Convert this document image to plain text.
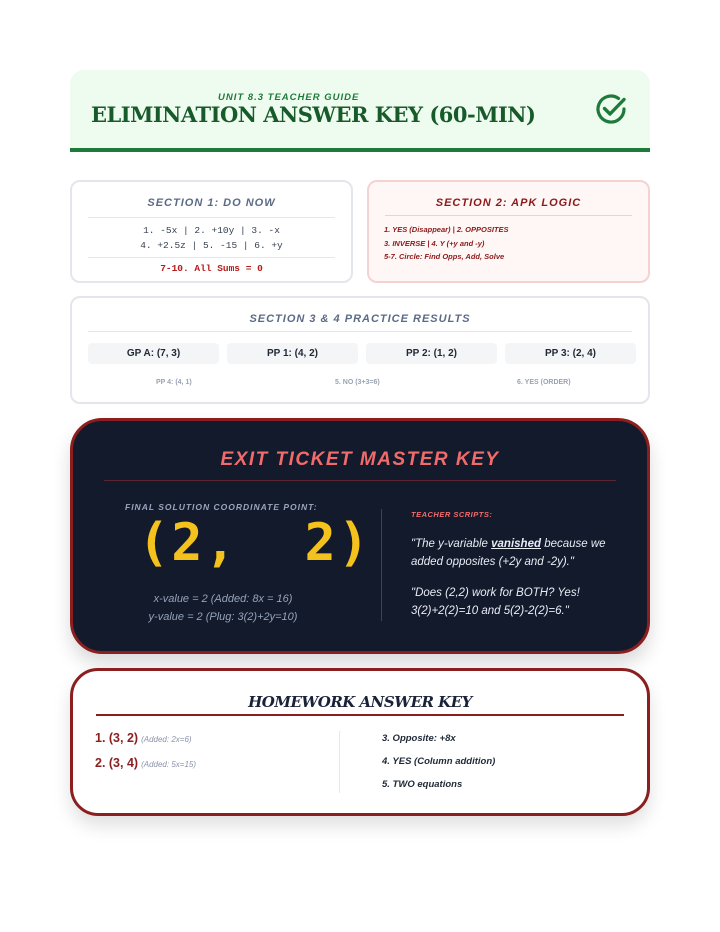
UNIT 8.3 TEACHER GUIDE
ELIMINATION ANSWER KEY (60-MIN)
SECTION 1: DO NOW
1. -5x | 2. +10y | 3. -x
4. +2.5z | 5. -15 | 6. +y
7-10. All Sums = 0
SECTION 2: APK LOGIC
1. YES (Disappear) | 2. OPPOSITES
3. INVERSE | 4. Y (+y and -y)
5-7. Circle: Find Opps, Add, Solve
SECTION 3 & 4 PRACTICE RESULTS
GP A: (7, 3)	PP 1: (4, 2)	PP 2: (1, 2)	PP 3: (2, 4)
PP 4: (4, 1)	5. NO (3+3=6)	6. YES (ORDER)
EXIT TICKET MASTER KEY
FINAL SOLUTION COORDINATE POINT:
(2,  2)
x-value = 2 (Added: 8x = 16)
y-value = 2 (Plug: 3(2)+2y=10)
TEACHER SCRIPTS:
"The y-variable vanished because we added opposites (+2y and -2y)."
"Does (2,2) work for BOTH? Yes! 3(2)+2(2)=10 and 5(2)-2(2)=6."
HOMEWORK ANSWER KEY
1. (3, 2) (Added: 2x=6)
2. (3, 4) (Added: 5x=15)
3. Opposite: +8x
4. YES (Column addition)
5. TWO equations
